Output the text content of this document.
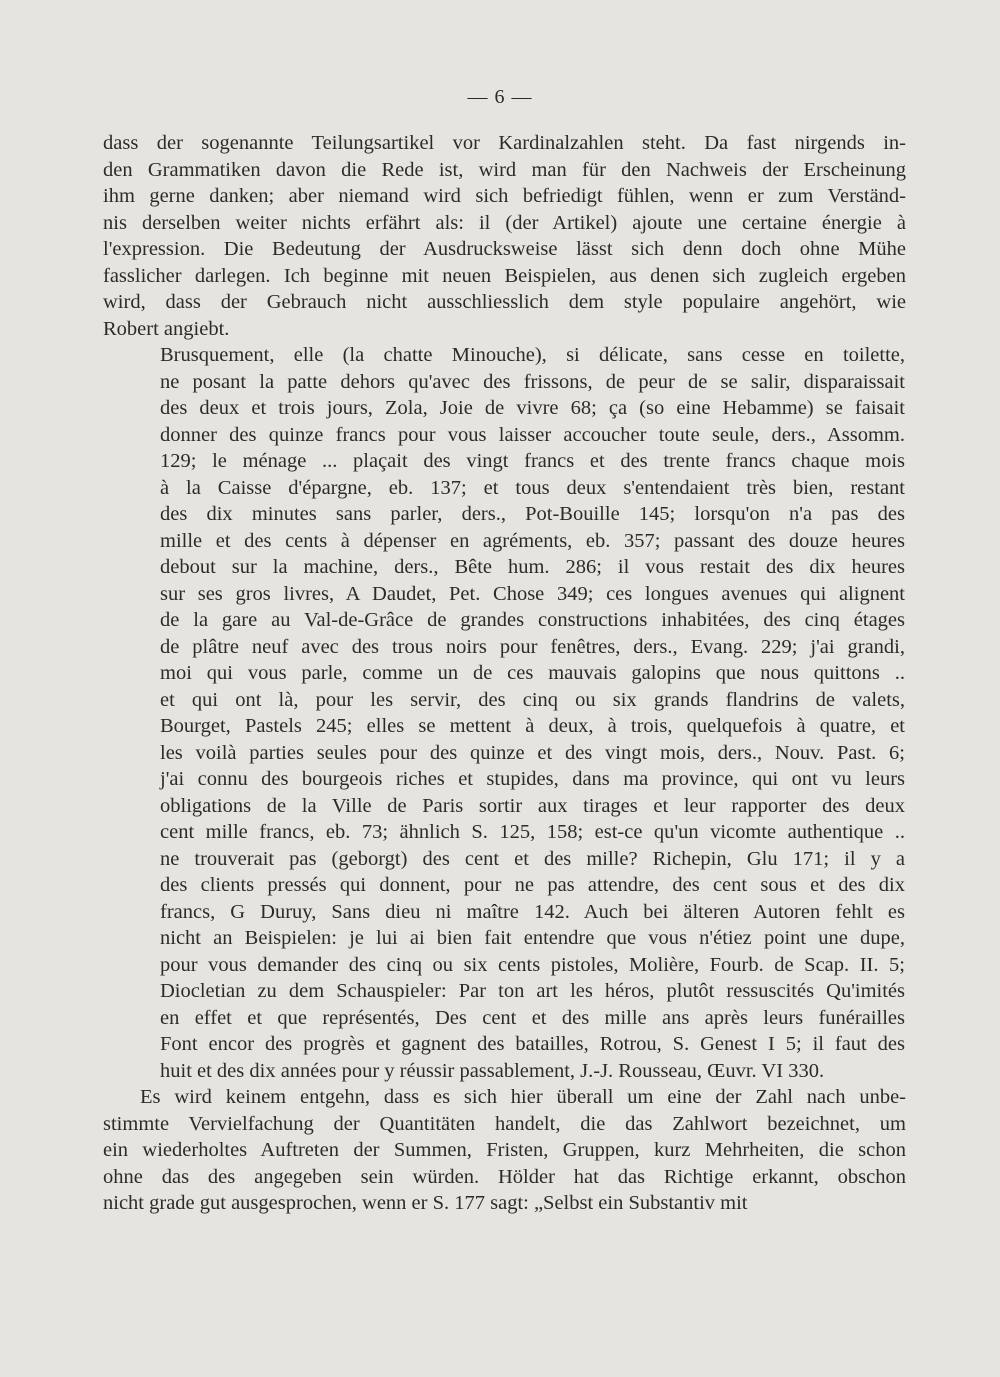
— 6 —
dass der sogenannte Teilungsartikel vor Kardinalzahlen steht. Da fast nirgends in-
den Grammatiken davon die Rede ist, wird man für den Nachweis der Erscheinung
ihm gerne danken; aber niemand wird sich befriedigt fühlen, wenn er zum Verständ-
nis derselben weiter nichts erfährt als: il (der Artikel) ajoute une certaine énergie à
l'expression. Die Bedeutung der Ausdrucksweise lässt sich denn doch ohne Mühe
fasslicher darlegen. Ich beginne mit neuen Beispielen, aus denen sich zugleich ergeben
wird, dass der Gebrauch nicht ausschliesslich dem style populaire angehört, wie
Robert angiebt.
Brusquement, elle (la chatte Minouche), si délicate, sans cesse en toilette,
ne posant la patte dehors qu'avec des frissons, de peur de se salir, disparaissait
des deux et trois jours, Zola, Joie de vivre 68; ça (so eine Hebamme) se faisait
donner des quinze francs pour vous laisser accoucher toute seule, ders., Assomm.
129; le ménage ... plaçait des vingt francs et des trente francs chaque mois
à la Caisse d'épargne, eb. 137; et tous deux s'entendaient très bien, restant
des dix minutes sans parler, ders., Pot-Bouille 145; lorsqu'on n'a pas des
mille et des cents à dépenser en agréments, eb. 357; passant des douze heures
debout sur la machine, ders., Bête hum. 286; il vous restait des dix heures
sur ses gros livres, A Daudet, Pet. Chose 349; ces longues avenues qui alignent
de la gare au Val-de-Grâce de grandes constructions inhabitées, des cinq étages
de plâtre neuf avec des trous noirs pour fenêtres, ders., Evang. 229; j'ai grandi,
moi qui vous parle, comme un de ces mauvais galopins que nous quittons ..
et qui ont là, pour les servir, des cinq ou six grands flandrins de valets,
Bourget, Pastels 245; elles se mettent à deux, à trois, quelquefois à quatre, et
les voilà parties seules pour des quinze et des vingt mois, ders., Nouv. Past. 6;
j'ai connu des bourgeois riches et stupides, dans ma province, qui ont vu leurs
obligations de la Ville de Paris sortir aux tirages et leur rapporter des deux
cent mille francs, eb. 73; ähnlich S. 125, 158; est-ce qu'un vicomte authentique ..
ne trouverait pas (geborgt) des cent et des mille? Richepin, Glu 171; il y a
des clients pressés qui donnent, pour ne pas attendre, des cent sous et des dix
francs, G Duruy, Sans dieu ni maître 142. Auch bei älteren Autoren fehlt es
nicht an Beispielen: je lui ai bien fait entendre que vous n'étiez point une dupe,
pour vous demander des cinq ou six cents pistoles, Molière, Fourb. de Scap. II. 5;
Diocletian zu dem Schauspieler: Par ton art les héros, plutôt ressuscités Qu'imités
en effet et que représentés, Des cent et des mille ans après leurs funérailles
Font encor des progrès et gagnent des batailles, Rotrou, S. Genest I 5; il faut des
huit et des dix années pour y réussir passablement, J.-J. Rousseau, Œuvr. VI 330.
Es wird keinem entgehn, dass es sich hier überall um eine der Zahl nach unbe-
stimmte Vervielfachung der Quantitäten handelt, die das Zahlwort bezeichnet, um
ein wiederholtes Auftreten der Summen, Fristen, Gruppen, kurz Mehrheiten, die schon
ohne das des angegeben sein würden. Hölder hat das Richtige erkannt, obschon
nicht grade gut ausgesprochen, wenn er S. 177 sagt: „Selbst ein Substantiv mit
